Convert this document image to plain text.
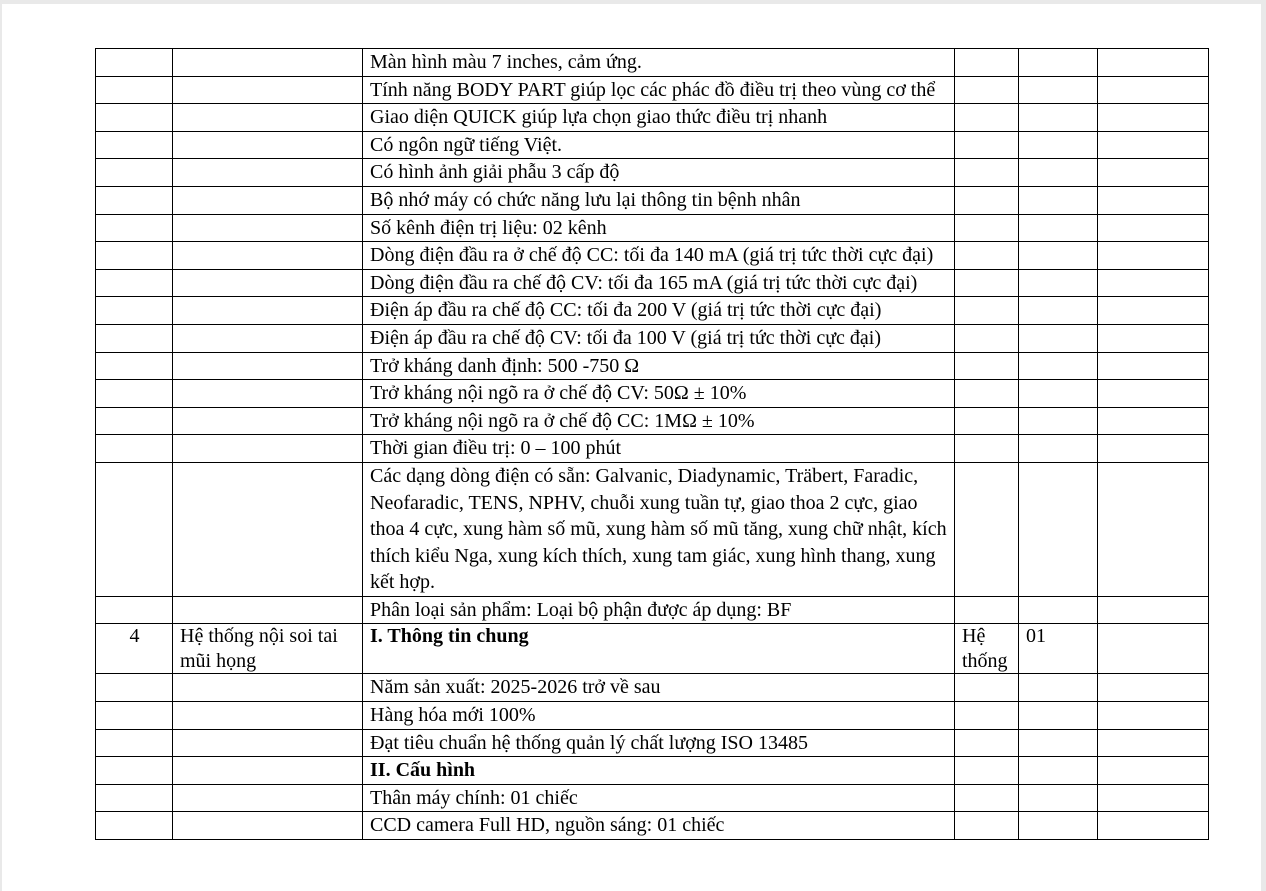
		Màn hình màu 7 inches, cảm ứng.			
		Tính năng BODY PART giúp lọc các phác đồ điều trị theo vùng cơ thể			
		Giao diện QUICK giúp lựa chọn giao thức điều trị nhanh			
		Có ngôn ngữ tiếng Việt.			
		Có hình ảnh giải phẫu 3 cấp độ			
		Bộ nhớ máy có chức năng lưu lại thông tin bệnh nhân			
		Số kênh điện trị liệu: 02 kênh			
		Dòng điện đầu ra ở chế độ CC: tối đa 140 mA (giá trị tức thời cực đại)			
		Dòng điện đầu ra chế độ CV: tối đa 165 mA (giá trị tức thời cực đại)			
		Điện áp đầu ra chế độ CC: tối đa 200 V (giá trị tức thời cực đại)			
		Điện áp đầu ra chế độ CV: tối đa 100 V (giá trị tức thời cực đại)			
		Trở kháng danh định: 500 -750 Ω			
		Trở kháng nội ngõ ra ở chế độ CV: 50Ω ± 10%			
		Trở kháng nội ngõ ra ở chế độ CC: 1MΩ ± 10%			
		Thời gian điều trị: 0 – 100 phút			
		Các dạng dòng điện có sẵn: Galvanic, Diadynamic, Träbert, Faradic, Neofaradic, TENS, NPHV, chuỗi xung tuần tự, giao thoa 2 cực, giao thoa 4 cực, xung hàm số mũ, xung hàm số mũ tăng, xung chữ nhật, kích thích kiểu Nga, xung kích thích, xung tam giác, xung hình thang, xung kết hợp.			
		Phân loại sản phẩm: Loại bộ phận được áp dụng: BF			
4	Hệ thống nội soi tai mũi họng	I. Thông tin chung	Hệ thống	01	
		Năm sản xuất: 2025-2026 trở về sau			
		Hàng hóa mới 100%			
		Đạt tiêu chuẩn hệ thống quản lý chất lượng ISO 13485			
		II. Cấu hình			
		Thân máy chính: 01 chiếc			
		CCD camera Full HD, nguồn sáng: 01 chiếc			
